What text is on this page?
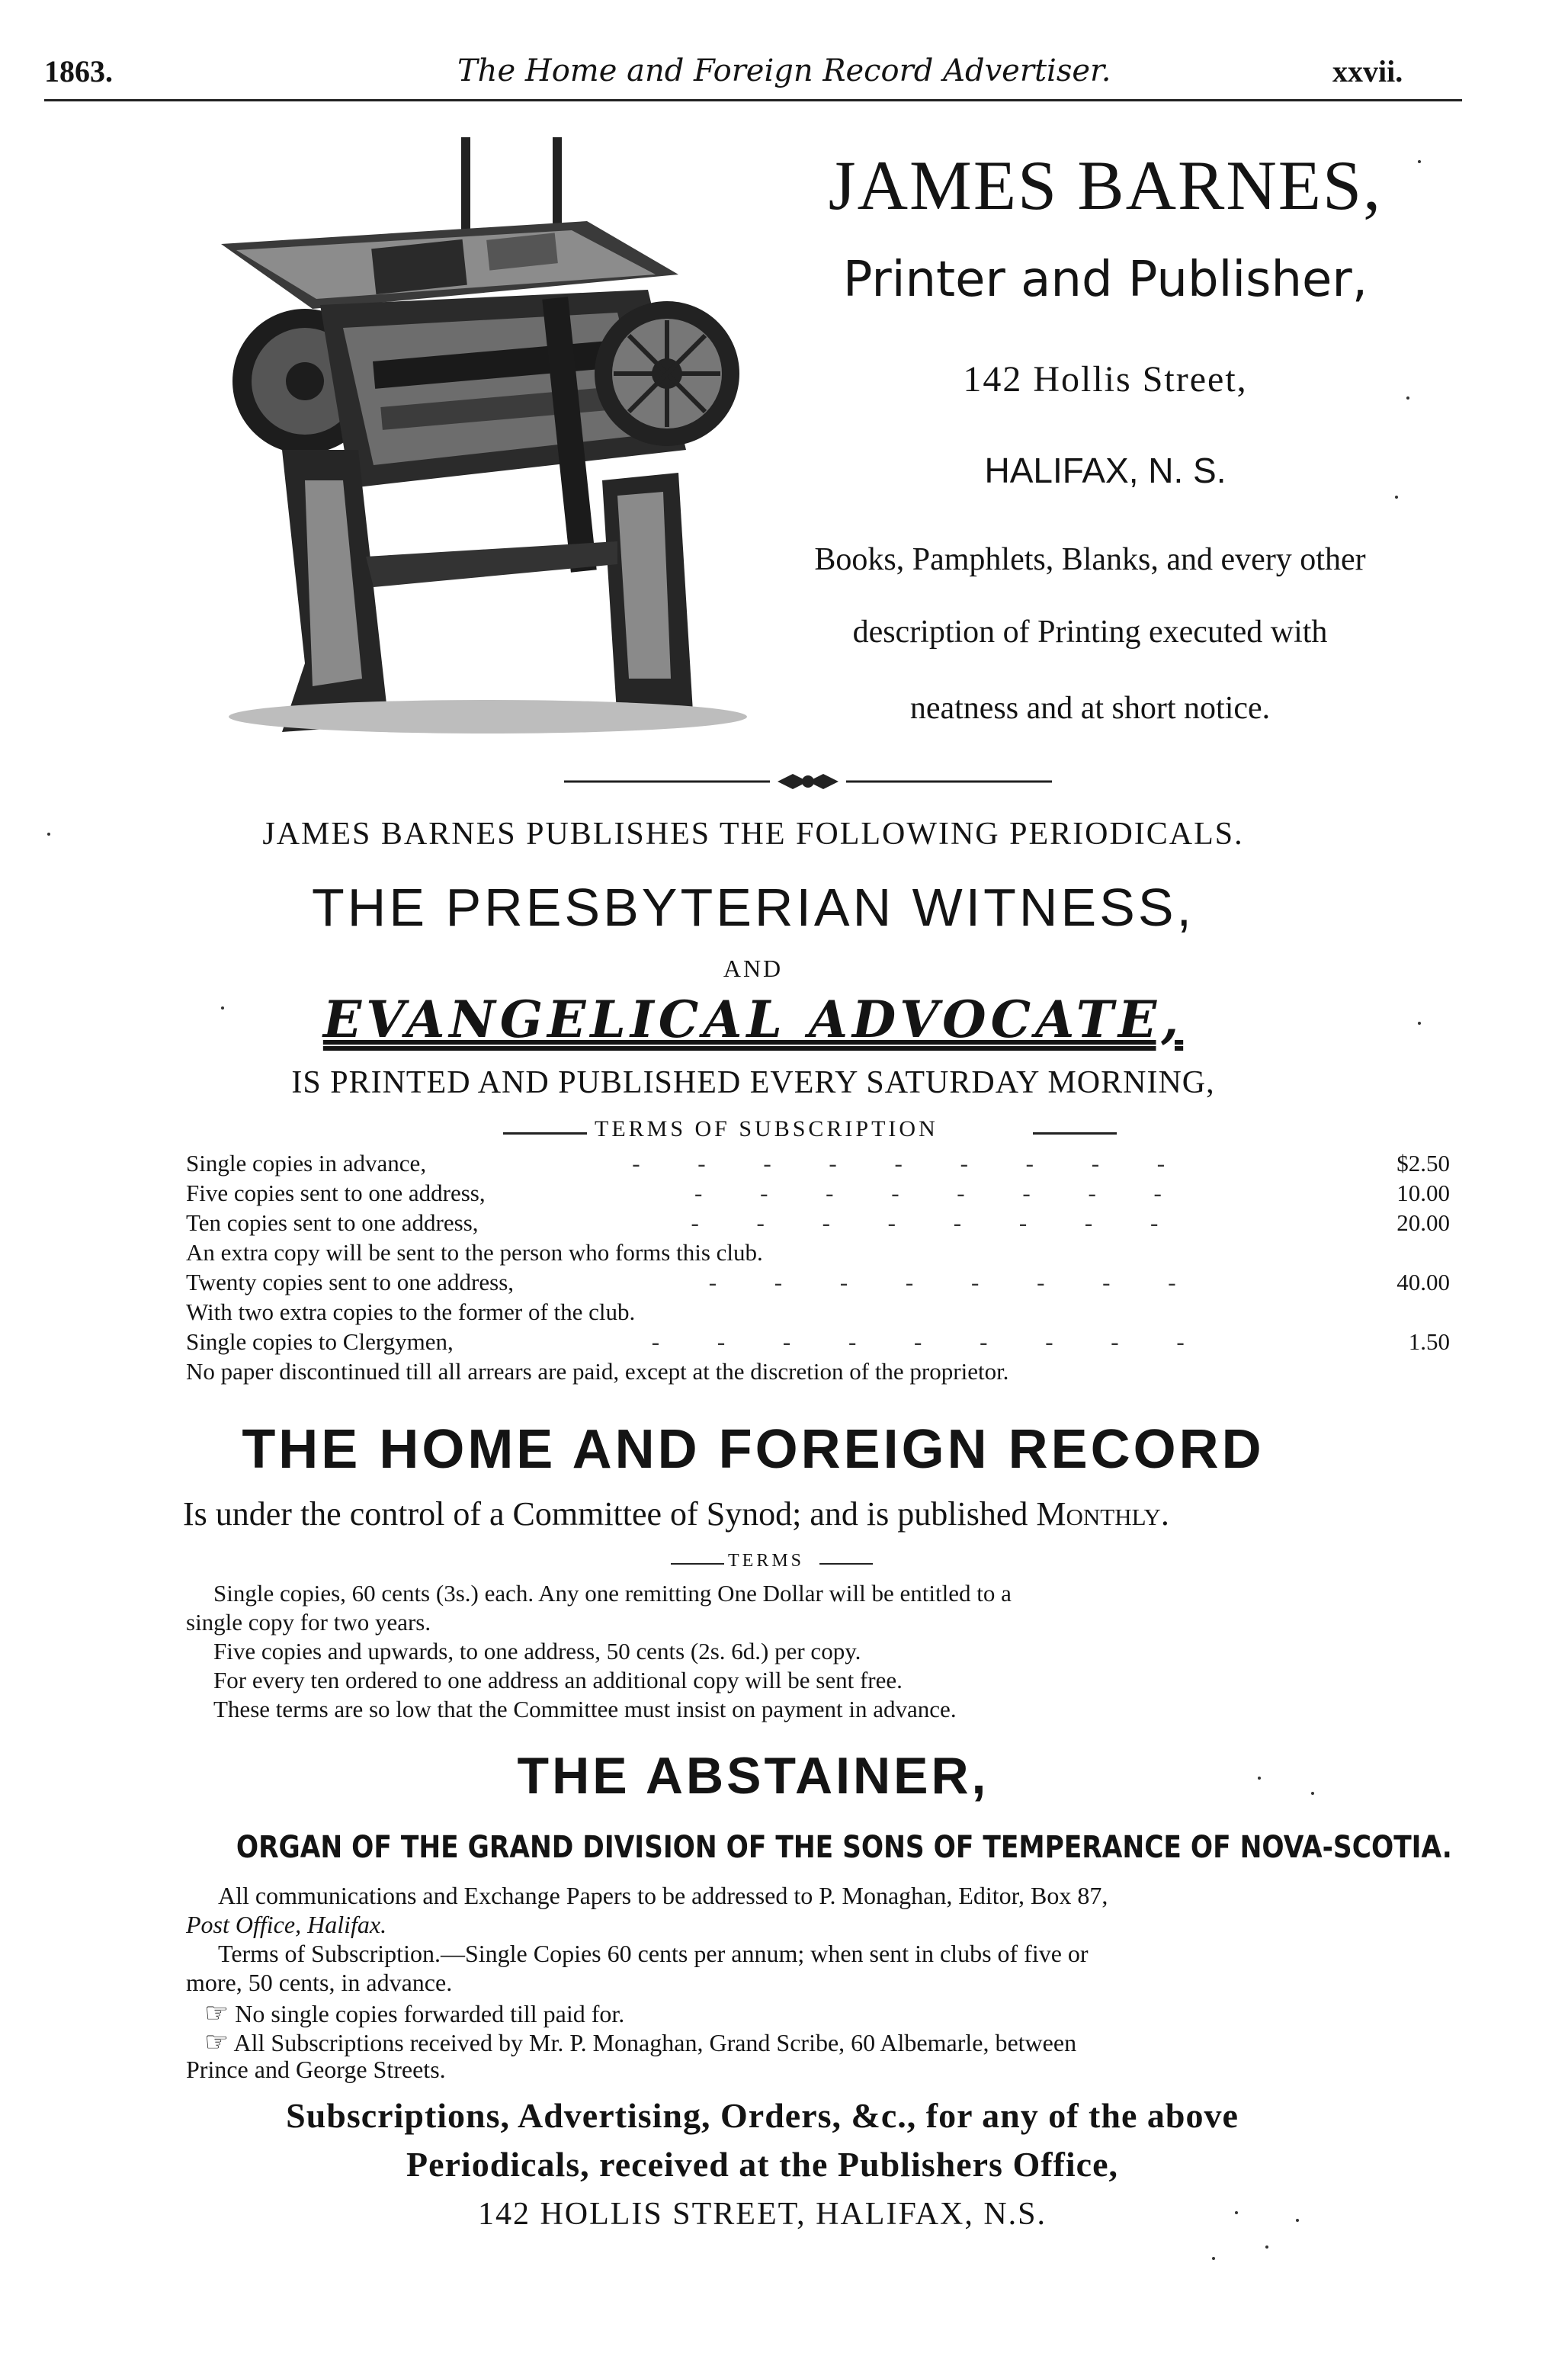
1863.	The Home and Foreign Record Advertiser.	xxvii.
JAMES BARNES,
Printer and Publisher,
142 Hollis Street,
HALIFAX, N. S.
Books, Pamphlets, Blanks, and every other
description of Printing executed with
neatness and at short notice.
JAMES BARNES PUBLISHES THE FOLLOWING PERIODICALS.
THE PRESBYTERIAN WITNESS,
AND
EVANGELICAL ADVOCATE,
IS PRINTED AND PUBLISHED EVERY SATURDAY MORNING,
TERMS OF SUBSCRIPTION
Single copies in advance,	- - - - - - - - -	$2.50
Five copies sent to one address,	- - - - - - - -	10.00
Ten copies sent to one address,	- - - - - - - -	20.00
An extra copy will be sent to the person who forms this club.
Twenty copies sent to one address,	- - - - - - - -	40.00
With two extra copies to the former of the club.
Single copies to Clergymen,	- - - - - - - - -	1.50
No paper discontinued till all arrears are paid, except at the discretion of the proprietor.
THE HOME AND FOREIGN RECORD
Is under the control of a Committee of Synod; and is published Monthly.
TERMS
Single copies, 60 cents (3s.) each. Any one remitting One Dollar will be entitled to a
single copy for two years.
Five copies and upwards, to one address, 50 cents (2s. 6d.) per copy.
For every ten ordered to one address an additional copy will be sent free.
These terms are so low that the Committee must insist on payment in advance.
THE ABSTAINER,
ORGAN OF THE GRAND DIVISION OF THE SONS OF TEMPERANCE OF NOVA-SCOTIA.
All communications and Exchange Papers to be addressed to P. Monaghan, Editor, Box 87,
Post Office, Halifax.
Terms of Subscription.—Single Copies 60 cents per annum; when sent in clubs of five or
more, 50 cents, in advance.
☞ No single copies forwarded till paid for.
☞ All Subscriptions received by Mr. P. Monaghan, Grand Scribe, 60 Albemarle, between
Prince and George Streets.
Subscriptions, Advertising, Orders, &c., for any of the above
Periodicals, received at the Publishers Office,
142 HOLLIS STREET, HALIFAX, N.S.
